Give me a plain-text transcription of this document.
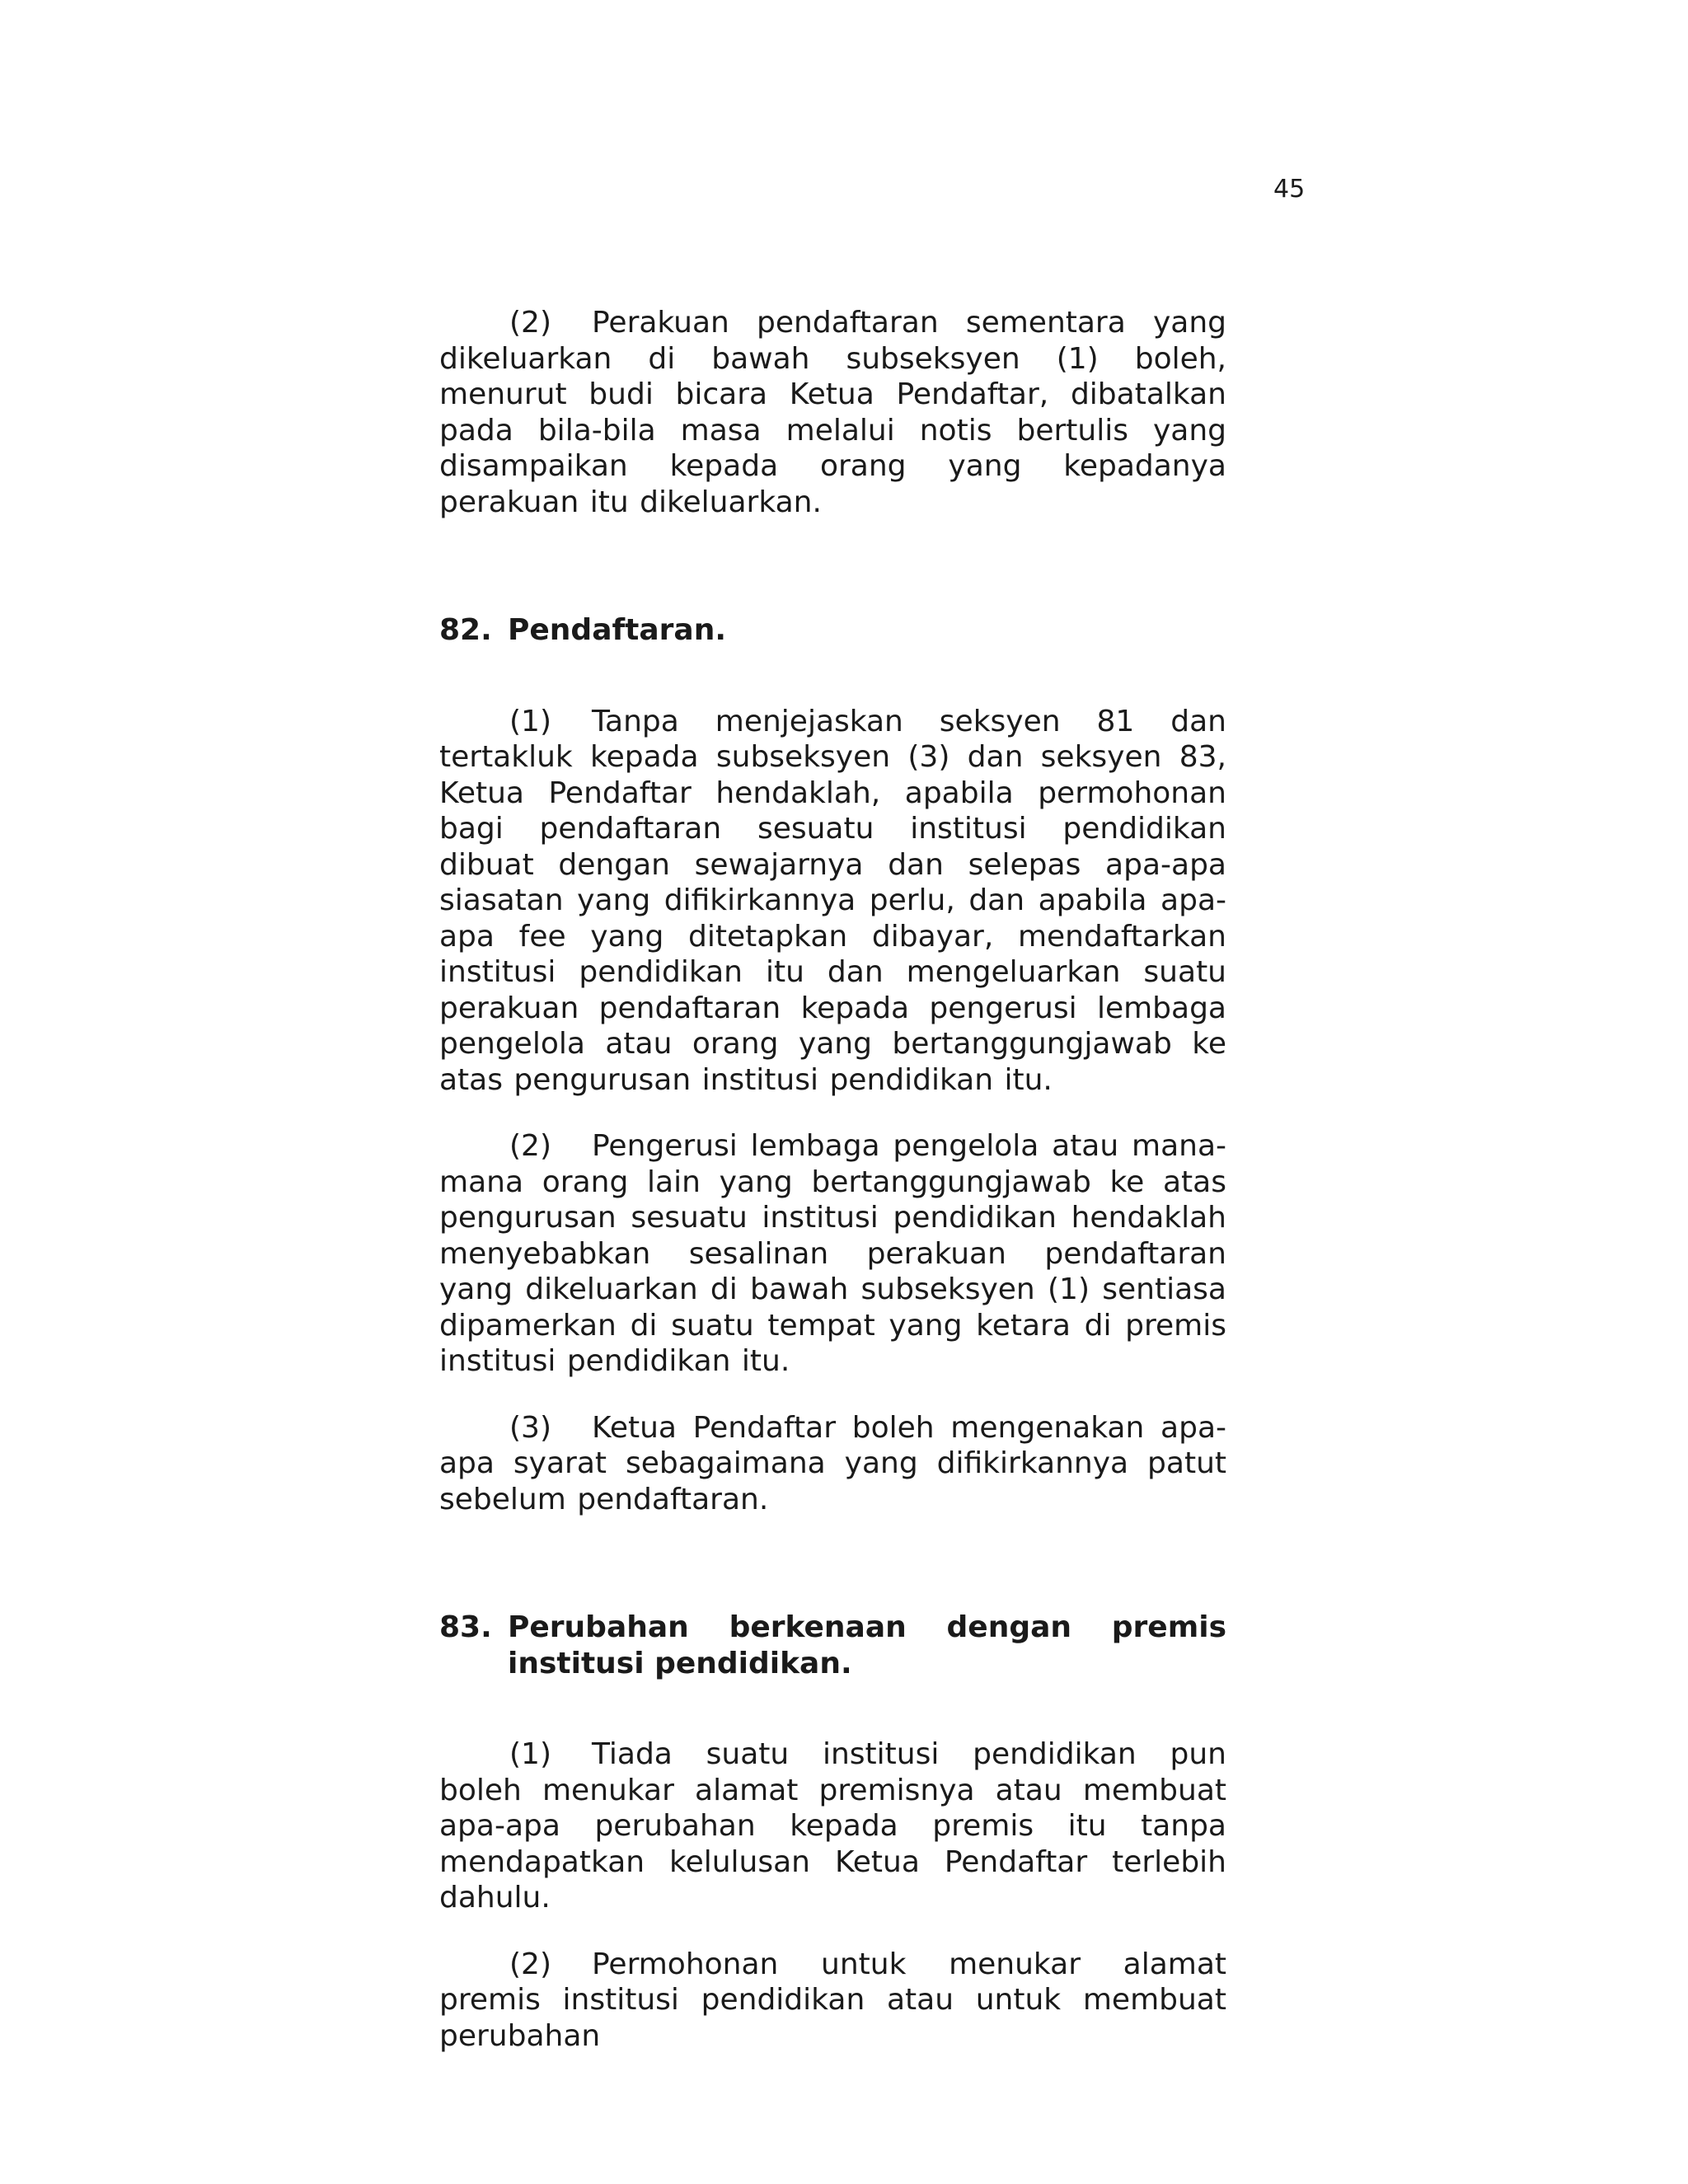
45

(2) Perakuan pendaftaran sementara yang dikeluarkan di bawah subseksyen (1) boleh, menurut budi bicara Ketua Pendaftar, dibatalkan pada bila-bila masa melalui notis bertulis yang disampaikan kepada orang yang kepadanya perakuan itu dikeluarkan.

82. Pendaftaran.

(1) Tanpa menjejaskan seksyen 81 dan tertakluk kepada subseksyen (3) dan seksyen 83, Ketua Pendaftar hendaklah, apabila permohonan bagi pendaftaran sesuatu institusi pendidikan dibuat dengan sewajarnya dan selepas apa-apa siasatan yang difikirkannya perlu, dan apabila apa-apa fee yang ditetapkan dibayar, mendaftarkan institusi pendidikan itu dan mengeluarkan suatu perakuan pendaftaran kepada pengerusi lembaga pengelola atau orang yang bertanggungjawab ke atas pengurusan institusi pendidikan itu.

(2) Pengerusi lembaga pengelola atau mana-mana orang lain yang bertanggungjawab ke atas pengurusan sesuatu institusi pendidikan hendaklah menyebabkan sesalinan perakuan pendaftaran yang dikeluarkan di bawah subseksyen (1) sentiasa dipamerkan di suatu tempat yang ketara di premis institusi pendidikan itu.

(3) Ketua Pendaftar boleh mengenakan apa-apa syarat sebagaimana yang difikirkannya patut sebelum pendaftaran.

83. Perubahan berkenaan dengan premis institusi pendidikan.

(1) Tiada suatu institusi pendidikan pun boleh menukar alamat premisnya atau membuat apa-apa perubahan kepada premis itu tanpa mendapatkan kelulusan Ketua Pendaftar terlebih dahulu.

(2) Permohonan untuk menukar alamat premis institusi pendidikan atau untuk membuat perubahan
